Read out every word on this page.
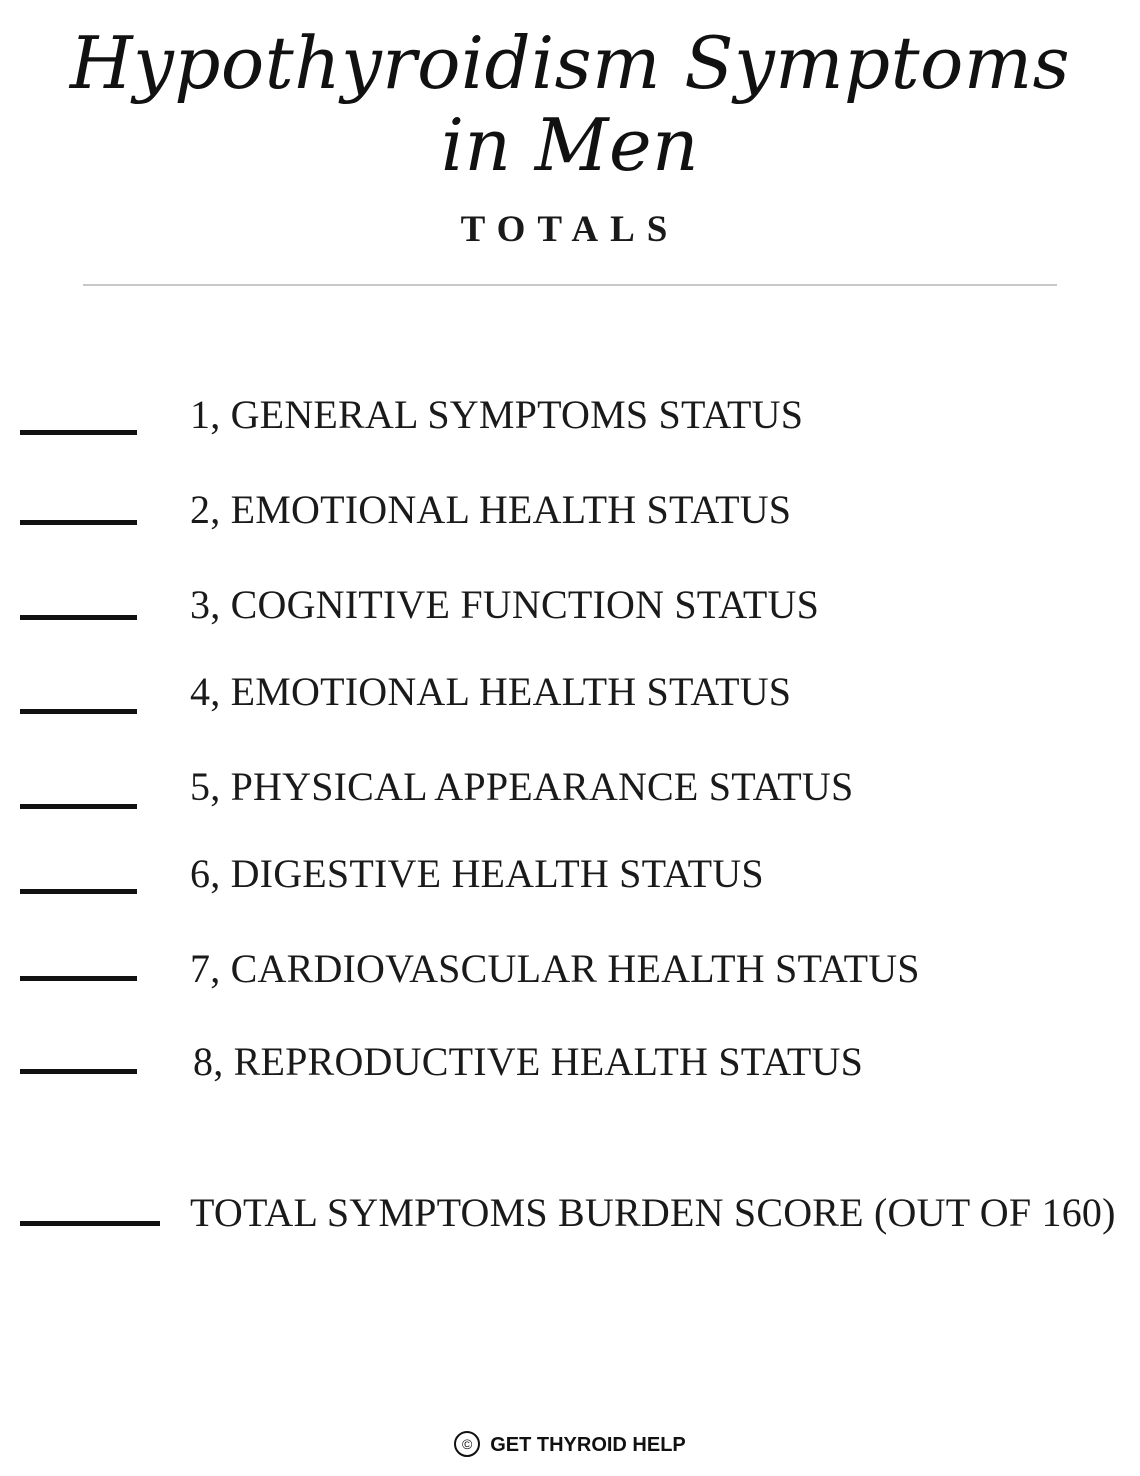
Hypothyroidism Symptoms in Men
TOTALS
1, GENERAL SYMPTOMS STATUS
2, EMOTIONAL HEALTH STATUS
3, COGNITIVE FUNCTION STATUS
4, EMOTIONAL HEALTH STATUS
5, PHYSICAL APPEARANCE STATUS
6, DIGESTIVE HEALTH STATUS
7, CARDIOVASCULAR HEALTH STATUS
8, REPRODUCTIVE HEALTH STATUS
TOTAL SYMPTOMS BURDEN SCORE (OUT OF 160)
© GET THYROID HELP
